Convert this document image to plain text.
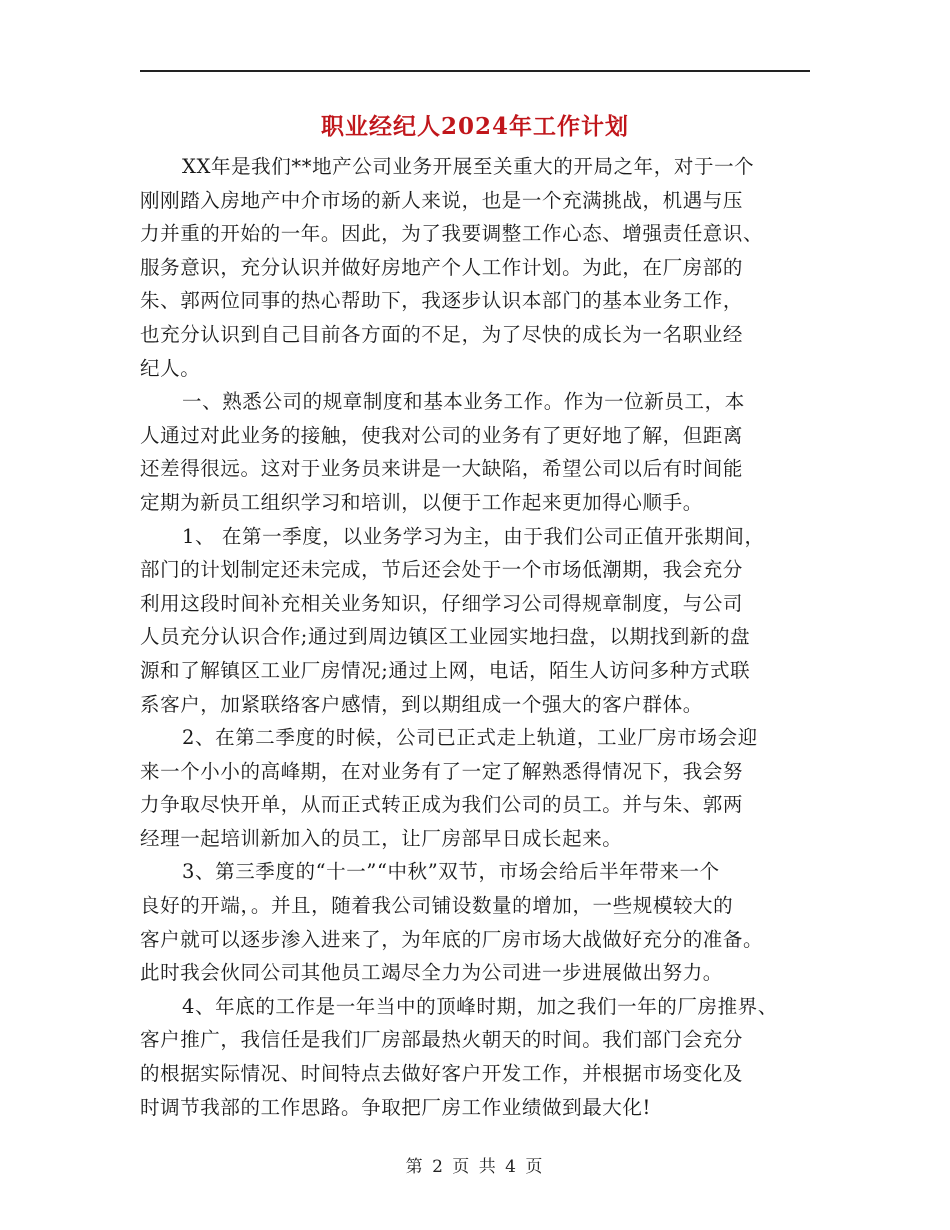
职业经纪人2024年工作计划
XX年是我们**地产公司业务开展至关重大的开局之年，对于一个
刚刚踏入房地产中介市场的新人来说，也是一个充满挑战，机遇与压
力并重的开始的一年。因此，为了我要调整工作心态、增强责任意识、
服务意识，充分认识并做好房地产个人工作计划。为此，在厂房部的
朱、郭两位同事的热心帮助下，我逐步认识本部门的基本业务工作，
也充分认识到自己目前各方面的不足，为了尽快的成长为一名职业经
纪人。
一、熟悉公司的规章制度和基本业务工作。作为一位新员工，本
人通过对此业务的接触，使我对公司的业务有了更好地了解，但距离
还差得很远。这对于业务员来讲是一大缺陷，希望公司以后有时间能
定期为新员工组织学习和培训，以便于工作起来更加得心顺手。
1、 在第一季度，以业务学习为主，由于我们公司正值开张期间，
部门的计划制定还未完成，节后还会处于一个市场低潮期，我会充分
利用这段时间补充相关业务知识，仔细学习公司得规章制度，与公司
人员充分认识合作;通过到周边镇区工业园实地扫盘，以期找到新的盘
源和了解镇区工业厂房情况;通过上网，电话，陌生人访问多种方式联
系客户，加紧联络客户感情，到以期组成一个强大的客户群体。
2、在第二季度的时候，公司已正式走上轨道，工业厂房市场会迎
来一个小小的高峰期，在对业务有了一定了解熟悉得情况下，我会努
力争取尽快开单，从而正式转正成为我们公司的员工。并与朱、郭两
经理一起培训新加入的员工，让厂房部早日成长起来。
3、第三季度的“十一”“中秋”双节，市场会给后半年带来一个
良好的开端，。并且，随着我公司铺设数量的增加，一些规模较大的
客户就可以逐步渗入进来了，为年底的厂房市场大战做好充分的准备。
此时我会伙同公司其他员工竭尽全力为公司进一步进展做出努力。
4、年底的工作是一年当中的顶峰时期，加之我们一年的厂房推界、
客户推广，我信任是我们厂房部最热火朝天的时间。我们部门会充分
的根据实际情况、时间特点去做好客户开发工作，并根据市场变化及
时调节我部的工作思路。争取把厂房工作业绩做到最大化!
第 2 页 共 4 页
